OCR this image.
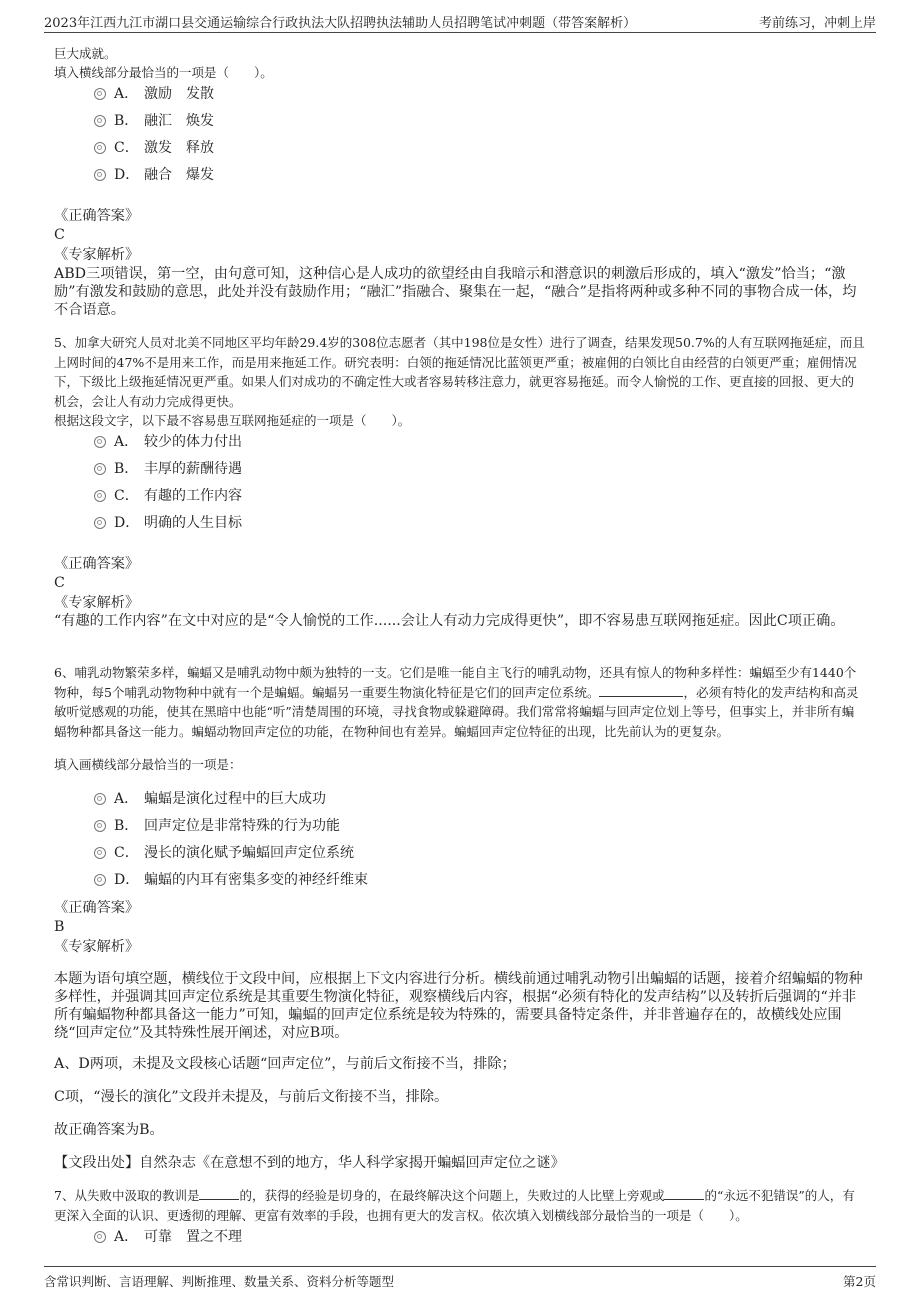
2023年江西九江市湖口县交通运输综合行政执法大队招聘执法辅助人员招聘笔试冲刺题（带答案解析）	考前练习，冲刺上岸

巨大成就。

填入横线部分最恰当的一项是（　　）。

A． 激励　发散
B． 融汇　焕发
C． 激发　释放
D． 融合　爆发

《正确答案》

C

《专家解析》

ABD三项错误，第一空，由句意可知，这种信心是人成功的欲望经由自我暗示和潜意识的刺激后形成的，填入“激发”恰当；“激励”有激发和鼓励的意思，此处并没有鼓励作用；“融汇”指融合、聚集在一起，“融合”是指将两种或多种不同的事物合成一体，均不合语意。

5、加拿大研究人员对北美不同地区平均年龄29.4岁的308位志愿者（其中198位是女性）进行了调查，结果发现50.7%的人有互联网拖延症，而且上网时间的47%不是用来工作，而是用来拖延工作。研究表明：白领的拖延情况比蓝领更严重；被雇佣的白领比自由经营的白领更严重；雇佣情况下，下级比上级拖延情况更严重。如果人们对成功的不确定性大或者容易转移注意力，就更容易拖延。而令人愉悦的工作、更直接的回报、更大的机会，会让人有动力完成得更快。

根据这段文字，以下最不容易患互联网拖延症的一项是（　　）。

A． 较少的体力付出
B． 丰厚的薪酬待遇
C． 有趣的工作内容
D． 明确的人生目标

《正确答案》

C

《专家解析》

“有趣的工作内容”在文中对应的是“令人愉悦的工作......会让人有动力完成得更快”，即不容易患互联网拖延症。因此C项正确。

6、哺乳动物繁荣多样，蝙蝠又是哺乳动物中颇为独特的一支。它们是唯一能自主飞行的哺乳动物，还具有惊人的物种多样性：蝙蝠至少有1440个物种，每5个哺乳动物物种中就有一个是蝙蝠。蝙蝠另一重要生物演化特征是它们的回声定位系统。	，必须有特化的发声结构和高灵敏听觉感观的功能，使其在黑暗中也能“听”清楚周围的环境，寻找食物或躲避障碍。我们常常将蝙蝠与回声定位划上等号，但事实上，并非所有蝙蝠物种都具备这一能力。蝙蝠动物回声定位的功能，在物种间也有差异。蝙蝠回声定位特征的出现，比先前认为的更复杂。

填入画横线部分最恰当的一项是：

A． 蝙蝠是演化过程中的巨大成功
B． 回声定位是非常特殊的行为功能
C． 漫长的演化赋予蝙蝠回声定位系统
D． 蝙蝠的内耳有密集多变的神经纤维束

《正确答案》

B

《专家解析》

本题为语句填空题，横线位于文段中间，应根据上下文内容进行分析。横线前通过哺乳动物引出蝙蝠的话题，接着介绍蝙蝠的物种多样性，并强调其回声定位系统是其重要生物演化特征，观察横线后内容，根据“必须有特化的发声结构”以及转折后强调的“并非所有蝙蝠物种都具备这一能力”可知，蝙蝠的回声定位系统是较为特殊的，需要具备特定条件，并非普遍存在的，故横线处应围绕“回声定位”及其特殊性展开阐述，对应B项。

A、D两项，未提及文段核心话题“回声定位”，与前后文衔接不当，排除；

C项，“漫长的演化”文段并未提及，与前后文衔接不当，排除。

故正确答案为B。

【文段出处】自然杂志《在意想不到的地方，华人科学家揭开蝙蝠回声定位之谜》

7、从失败中汲取的教训是	的，获得的经验是切身的，在最终解决这个问题上，失败过的人比壁上旁观或	的“永远不犯错误”的人，有更深入全面的认识、更透彻的理解、更富有效率的手段，也拥有更大的发言权。依次填入划横线部分最恰当的一项是（　　）。

A． 可靠　置之不理
含常识判断、言语理解、判断推理、数量关系、资料分析等题型	第2页
